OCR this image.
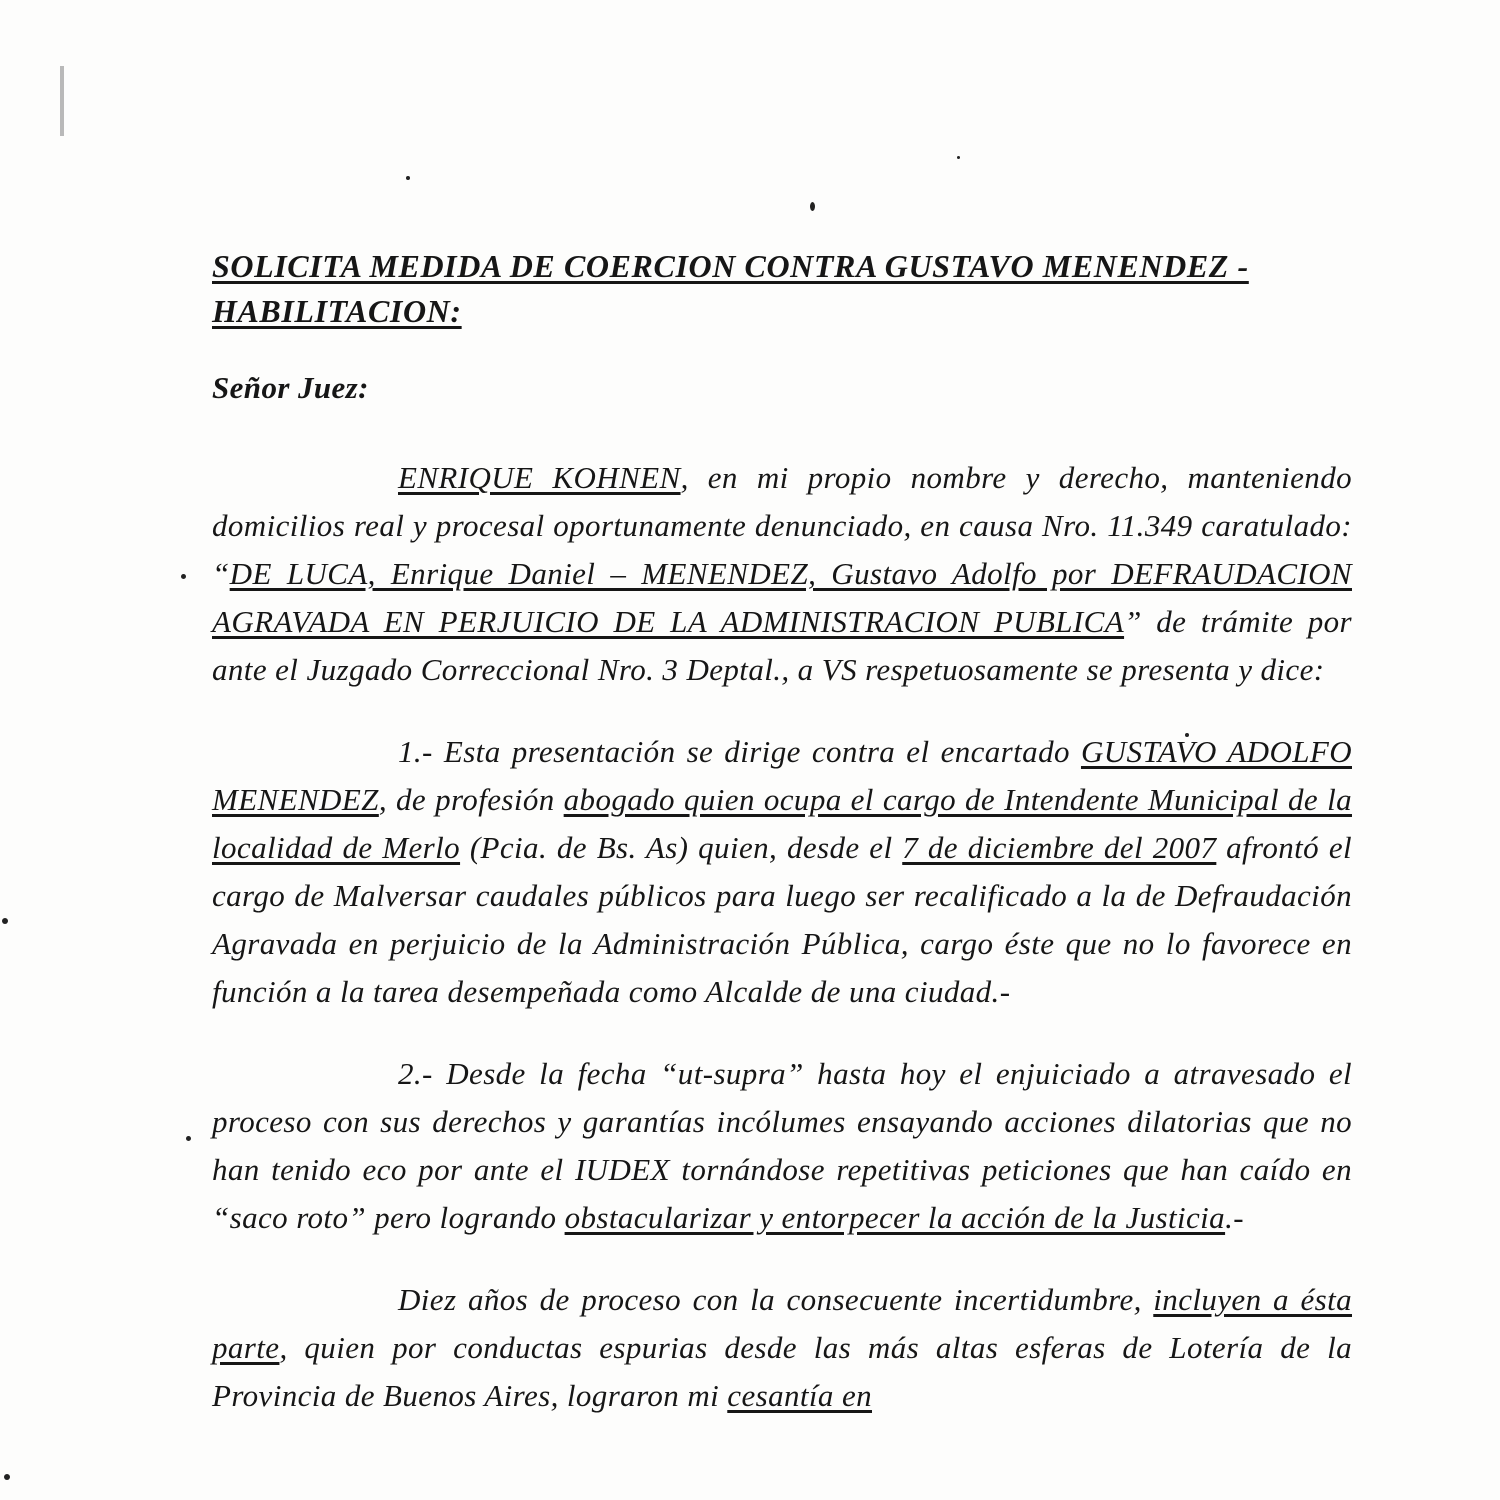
SOLICITA MEDIDA DE COERCION CONTRA GUSTAVO MENENDEZ - HABILITACION:

Señor Juez:

ENRIQUE KOHNEN, en mi propio nombre y derecho, manteniendo domicilios real y procesal oportunamente denunciado, en causa Nro. 11.349 caratulado: “DE LUCA, Enrique Daniel – MENENDEZ, Gustavo Adolfo por DEFRAUDACION AGRAVADA EN PERJUICIO DE LA ADMINISTRACION PUBLICA” de trámite por ante el Juzgado Correccional Nro. 3 Deptal., a VS respetuosamente se presenta y dice:

1.- Esta presentación se dirige contra el encartado GUSTAVO ADOLFO MENENDEZ, de profesión abogado quien ocupa el cargo de Intendente Municipal de la localidad de Merlo (Pcia. de Bs. As) quien, desde el 7 de diciembre del 2007 afrontó el cargo de Malversar caudales públicos para luego ser recalificado a la de Defraudación Agravada en perjuicio de la Administración Pública, cargo éste que no lo favorece en función a la tarea desempeñada como Alcalde de una ciudad.-

2.- Desde la fecha “ut-supra” hasta hoy el enjuiciado a atravesado el proceso con sus derechos y garantías incólumes ensayando acciones dilatorias que no han tenido eco por ante el IUDEX tornándose repetitivas peticiones que han caído en “saco roto” pero logrando obstacularizar y entorpecer la acción de la Justicia.-

Diez años de proceso con la consecuente incertidumbre, incluyen a ésta parte, quien por conductas espurias desde las más altas esferas de Lotería de la Provincia de Buenos Aires, lograron mi cesantía en
